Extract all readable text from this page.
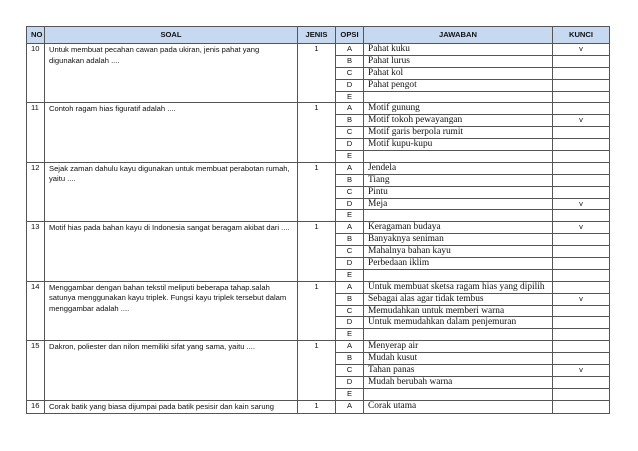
NO	SOAL	JENIS	OPSI	JAWABAN	KUNCI
10	Untuk membuat pecahan cawan pada ukiran, jenis pahat yang digunakan adalah ....	1	A	Pahat kuku	v
			B	Pahat lurus	
			C	Pahat kol	
			D	Pahat pengot	
			E		
11	Contoh ragam hias figuratif adalah ....	1	A	Motif gunung	
			B	Motif tokoh pewayangan	v
			C	Motif garis berpola rumit	
			D	Motif kupu-kupu	
			E		
12	Sejak zaman dahulu kayu digunakan untuk membuat perabotan rumah, yaitu ....	1	A	Jendela	
			B	Tiang	
			C	Pintu	
			D	Meja	v
			E		
13	Motif hias pada bahan kayu di Indonesia sangat beragam akibat dari ....	1	A	Keragaman budaya	v
			B	Banyaknya seniman	
			C	Mahalnya bahan kayu	
			D	Perbedaan iklim	
			E		
14	Menggambar dengan bahan tekstil meliputi beberapa tahap.salah satunya menggunakan kayu triplek. Fungsi kayu triplek tersebut dalam menggambar adalah ....	1	A	Untuk membuat sketsa ragam hias yang dipilih	
			B	Sebagai alas agar tidak tembus	v
			C	Memudahkan untuk memberi warna	
			D	Untuk memudahkan dalam penjemuran	
			E		
15	Dakron, poliester dan nilon memiliki sifat yang sama, yaitu ....	1	A	Menyerap air	
			B	Mudah kusut	
			C	Tahan panas	v
			D	Mudah berubah warna	
			E		
16	Corak batik yang biasa dijumpai pada batik pesisir dan kain sarung	1	A	Corak utama	
